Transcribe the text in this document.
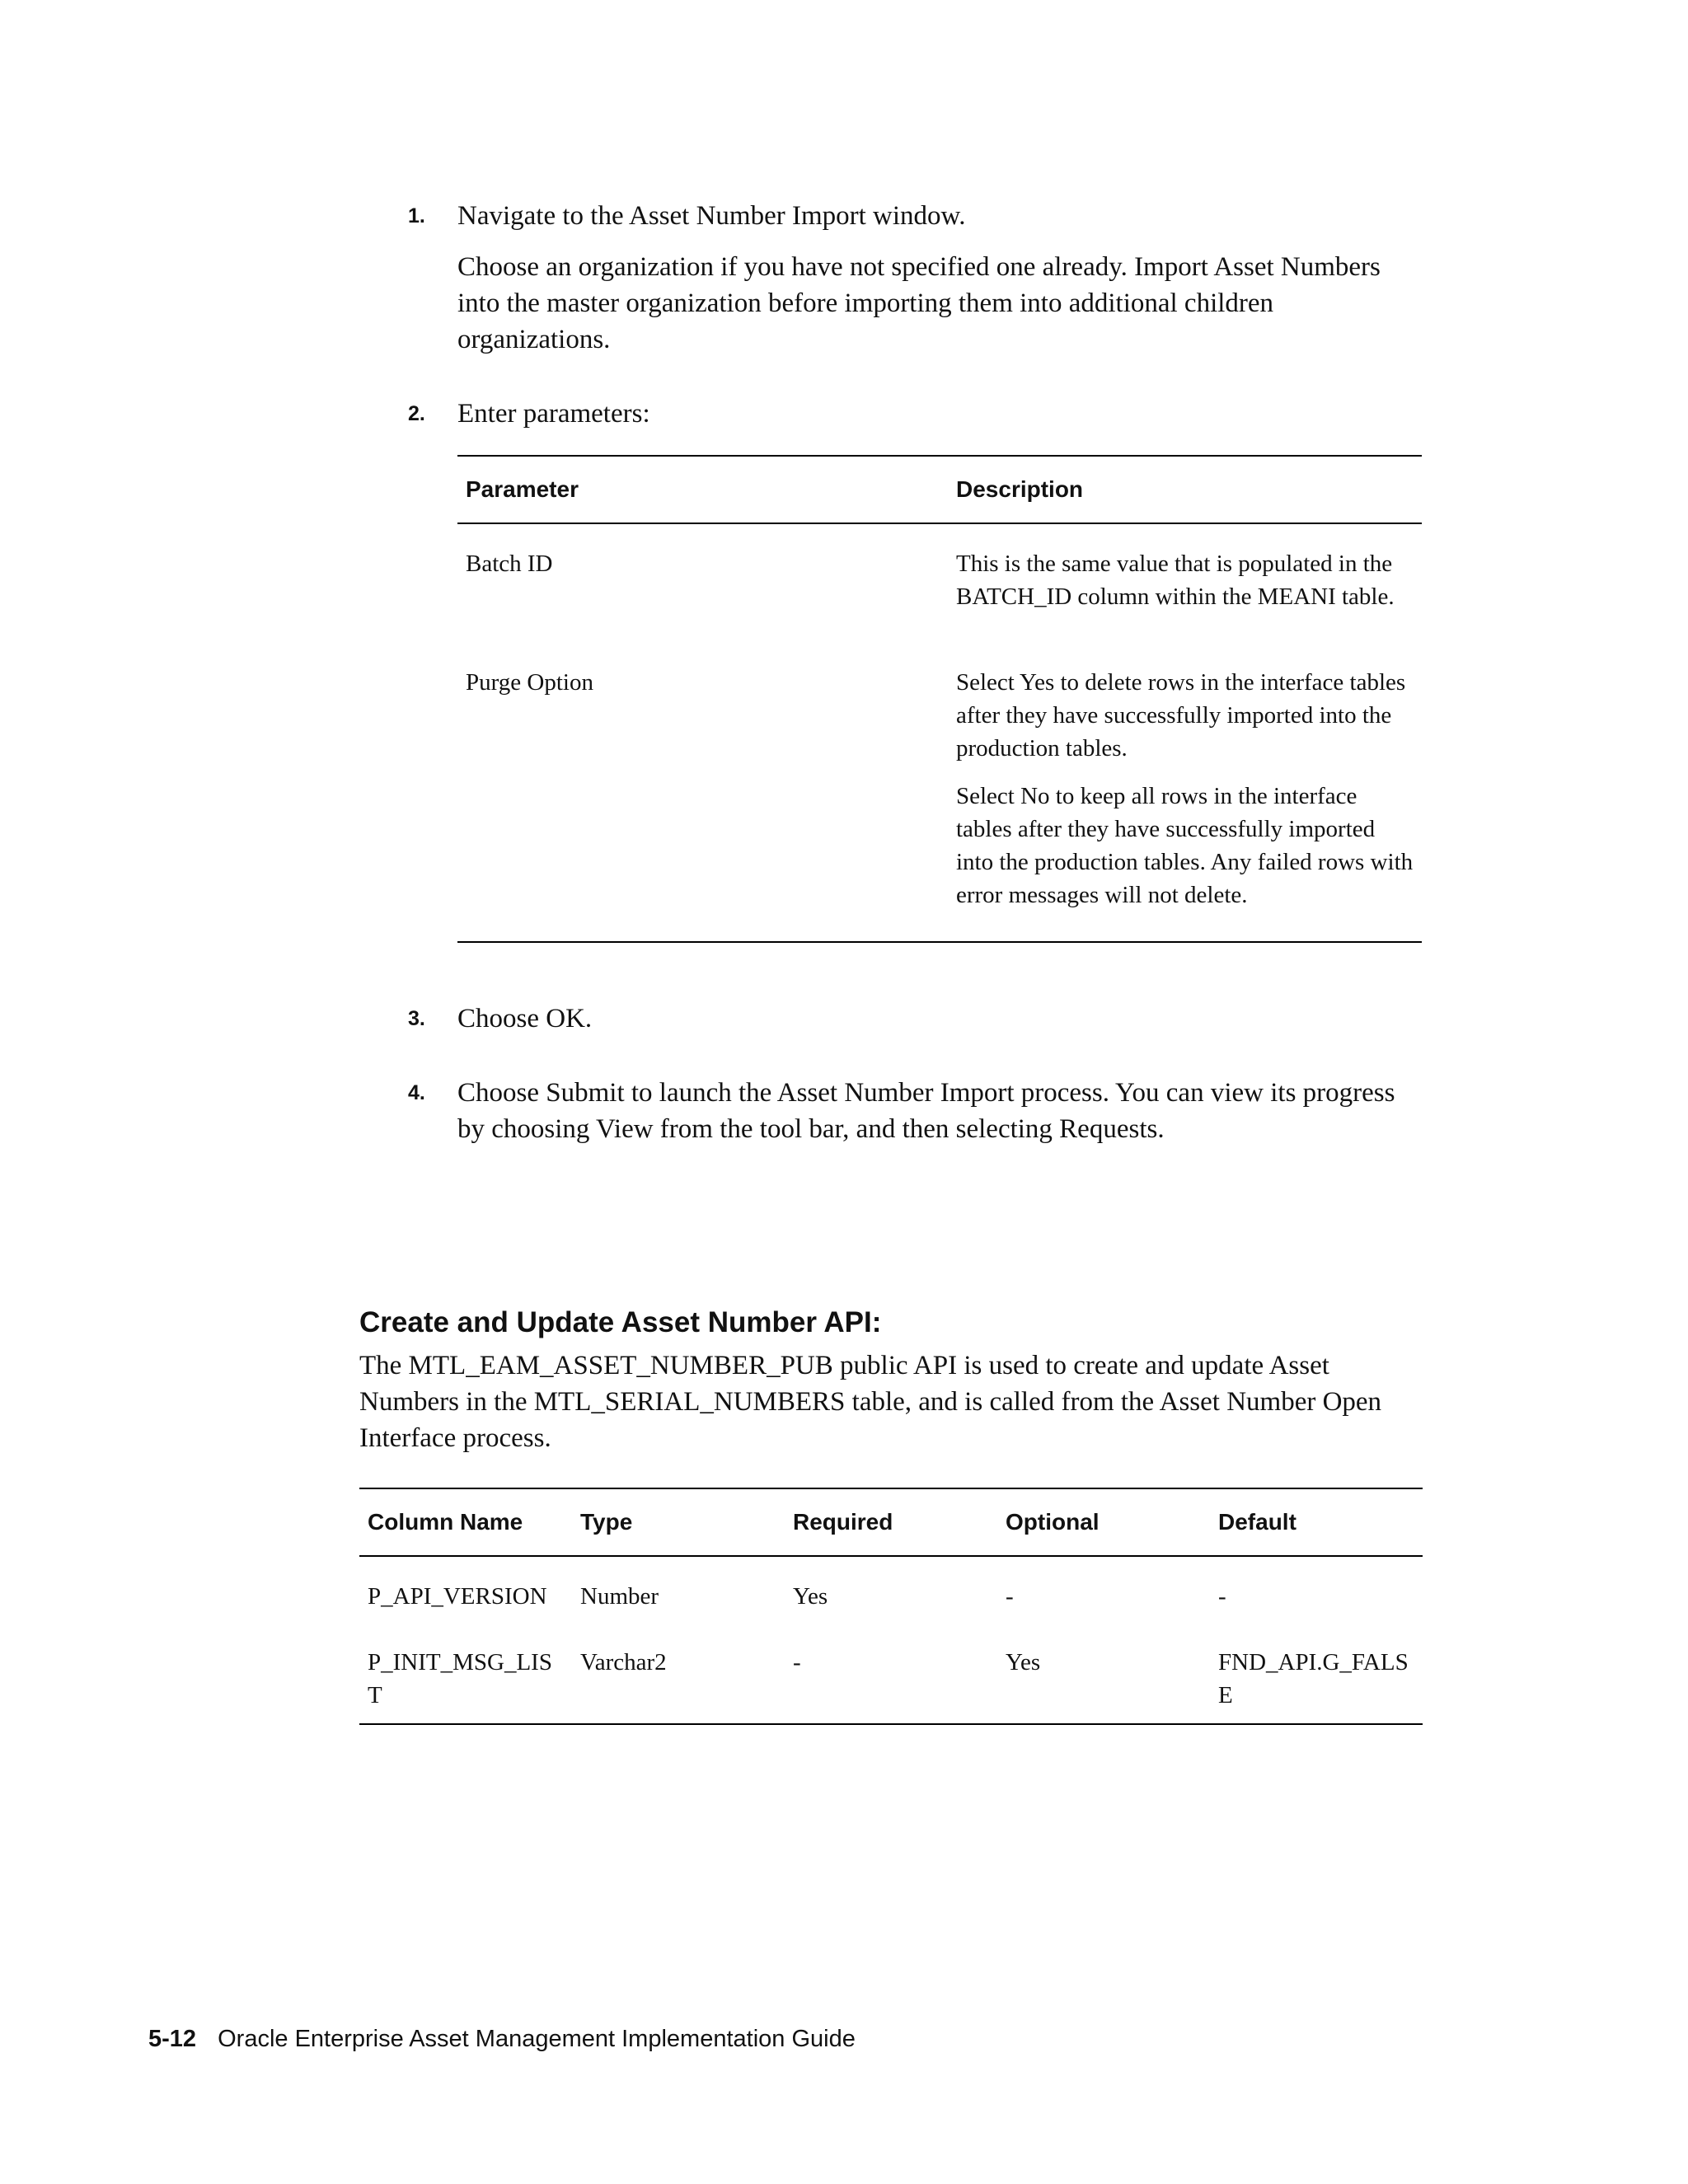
1.	Navigate to the Asset Number Import window.

Choose an organization if you have not specified one already. Import Asset Numbers into the master organization before importing them into additional children organizations.

2.	Enter parameters:

Parameter	Description
Batch ID	This is the same value that is populated in the BATCH_ID column within the MEANI table.

Purge Option	Select Yes to delete rows in the interface tables after they have successfully imported into the production tables.

Select No to keep all rows in the interface tables after they have successfully imported into the production tables. Any failed rows with error messages will not delete.

3.	Choose OK.

4.	Choose Submit to launch the Asset Number Import process. You can view its progress by choosing View from the tool bar, and then selecting Requests.

Create and Update Asset Number API:

The MTL_EAM_ASSET_NUMBER_PUB public API is used to create and update Asset Numbers in the MTL_SERIAL_NUMBERS table, and is called from the Asset Number Open Interface process.

Column Name	Type	Required	Optional	Default
P_API_VERSION	Number	Yes	-	-
P_INIT_MSG_LIST	Varchar2	-	Yes	FND_API.G_FALSE
5-12 Oracle Enterprise Asset Management Implementation Guide
